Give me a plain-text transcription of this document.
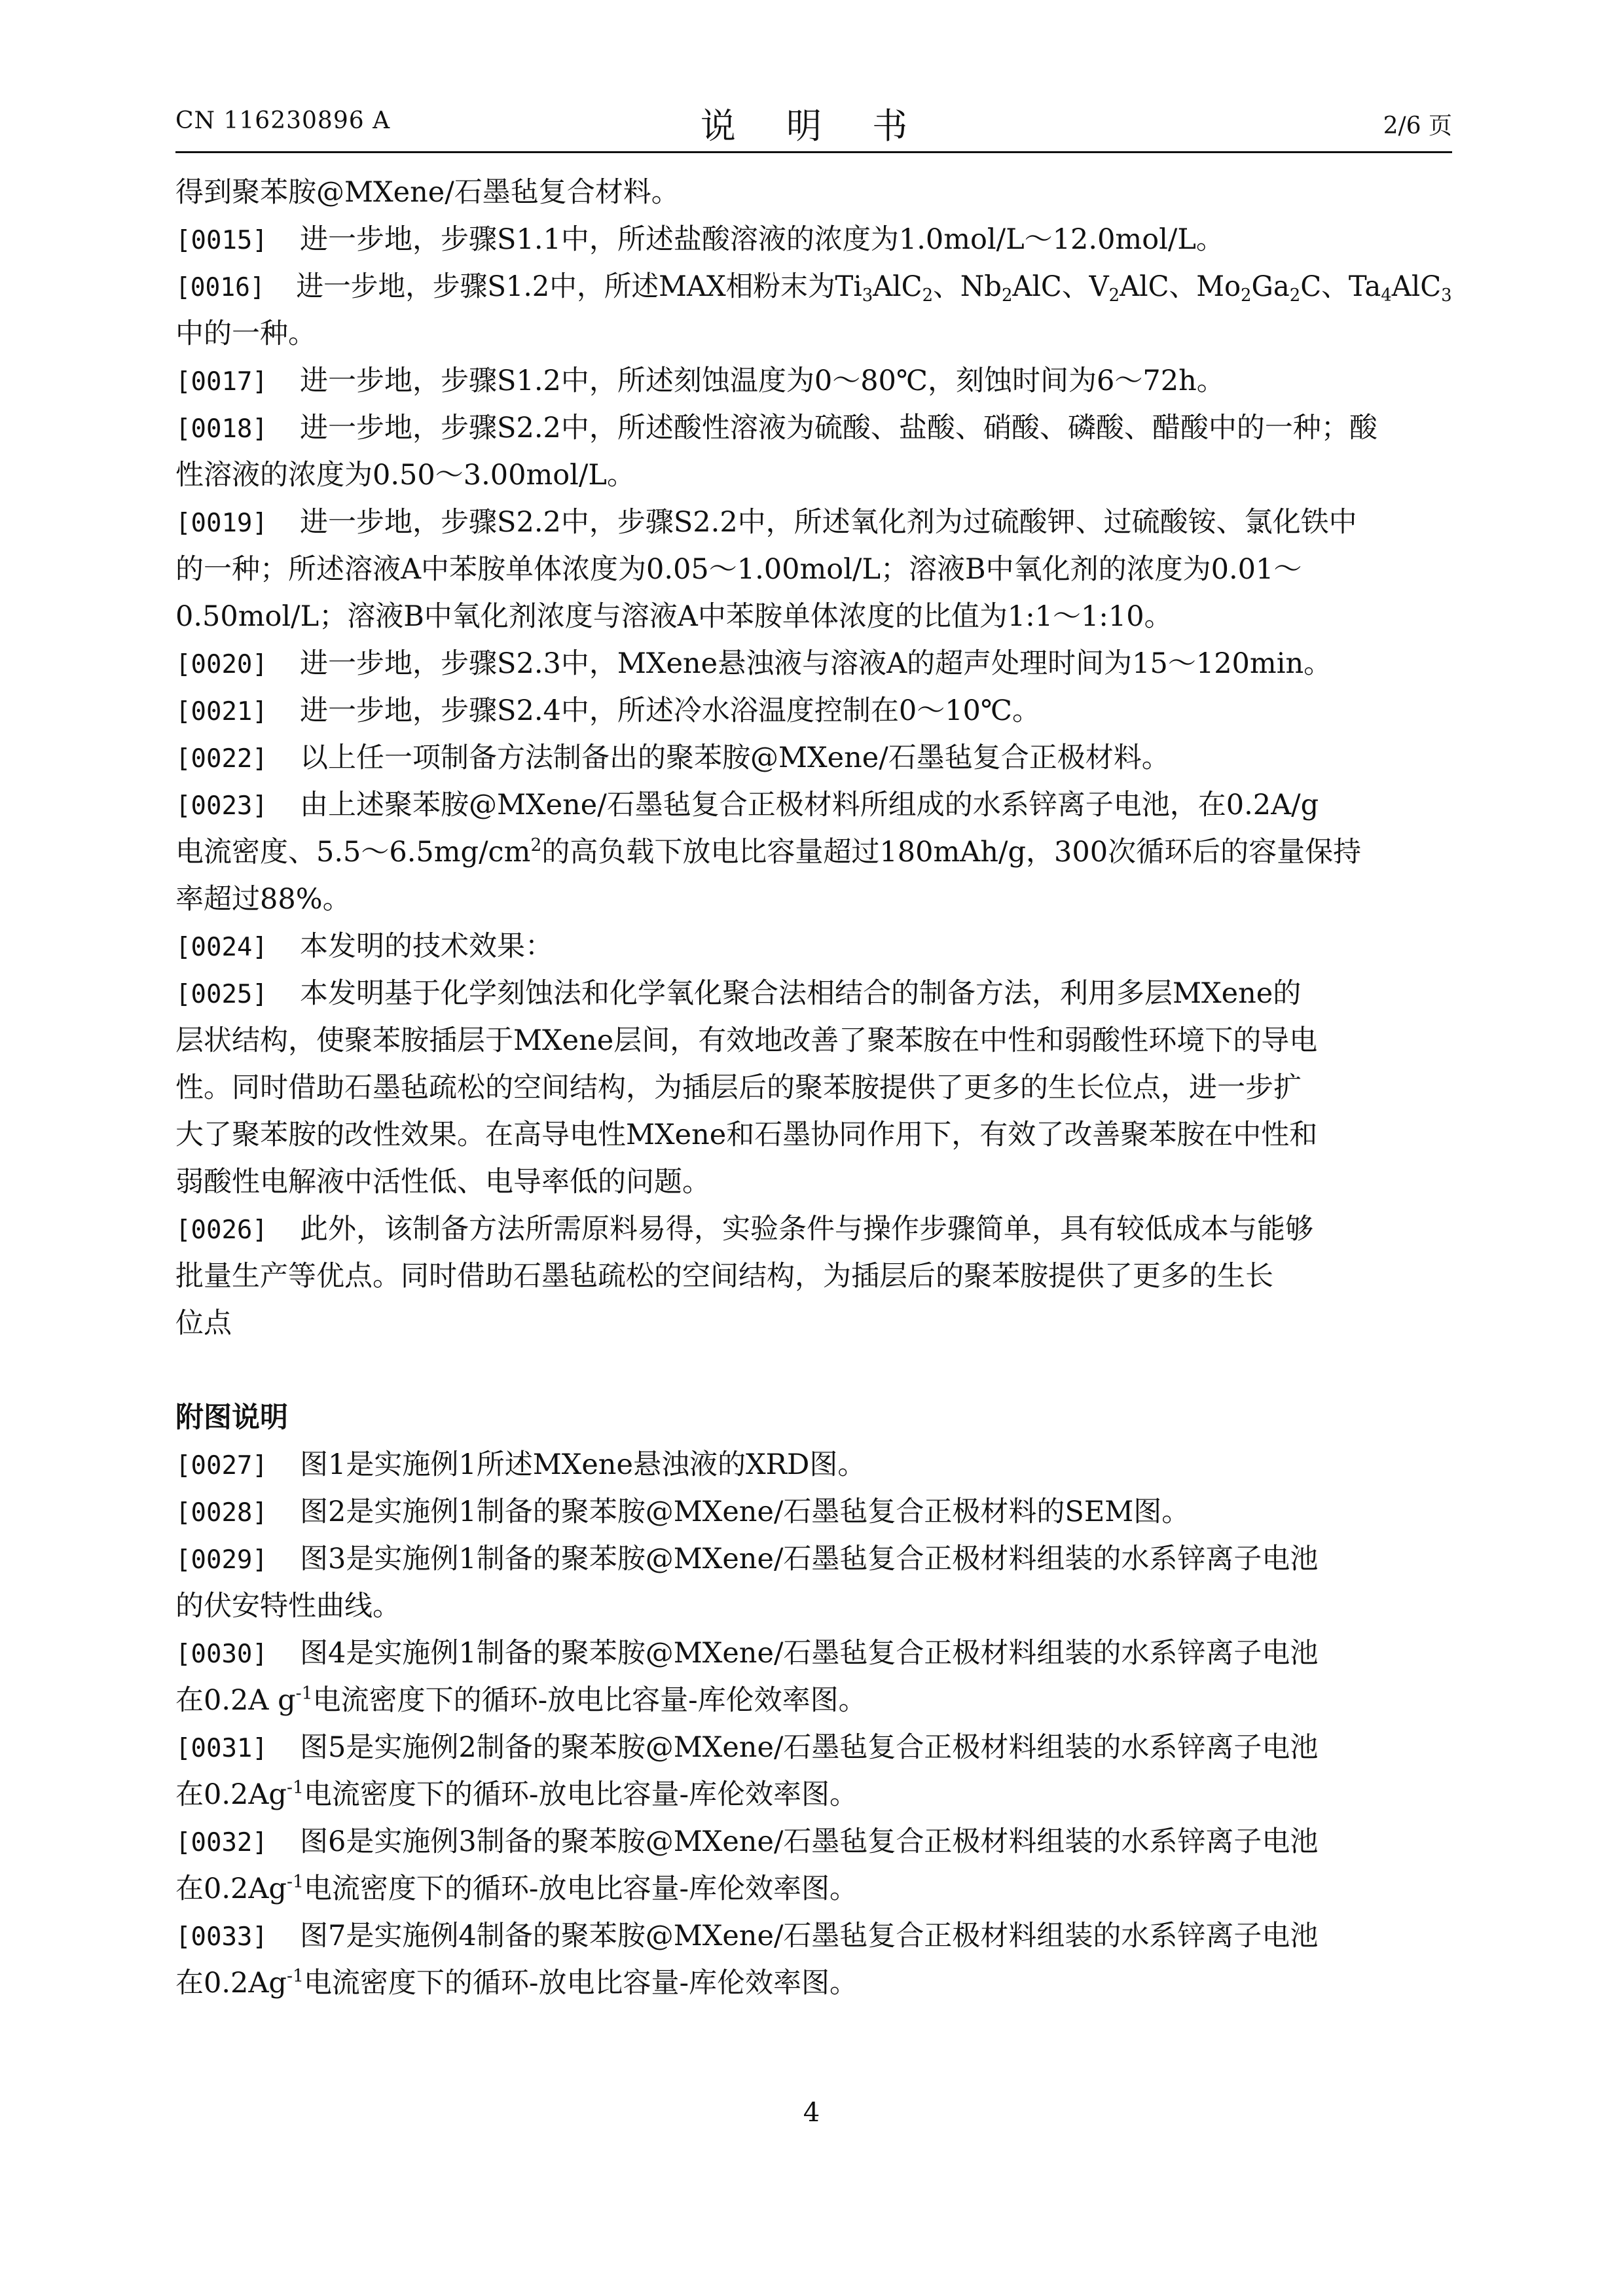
CN 116230896 A	说 明 书	2/6 页
得到聚苯胺@MXene/石墨毡复合材料。
[0015] 进一步地，步骤S1.1中，所述盐酸溶液的浓度为1.0mol/L～12.0mol/L。
[0016] 进一步地，步骤S1.2中，所述MAX相粉末为$Ti_3AlC_2$、$Nb_2AlC$、$V_2AlC$、$Mo_2Ga_2C$、$Ta_4AlC_3$
中的一种。
[0017] 进一步地，步骤S1.2中，所述刻蚀温度为0～80℃，刻蚀时间为6～72h。
[0018] 进一步地，步骤S2.2中，所述酸性溶液为硫酸、盐酸、硝酸、磷酸、醋酸中的一种；酸
性溶液的浓度为0.50～3.00mol/L。
[0019] 进一步地，步骤S2.2中，步骤S2.2中，所述氧化剂为过硫酸钾、过硫酸铵、氯化铁中
的一种；所述溶液A中苯胺单体浓度为0.05～1.00mol/L；溶液B中氧化剂的浓度为0.01～
0.50mol/L；溶液B中氧化剂浓度与溶液A中苯胺单体浓度的比值为1:1～1:10。
[0020] 进一步地，步骤S2.3中，MXene悬浊液与溶液A的超声处理时间为15～120min。
[0021] 进一步地，步骤S2.4中，所述冷水浴温度控制在0～10℃。
[0022] 以上任一项制备方法制备出的聚苯胺@MXene/石墨毡复合正极材料。
[0023] 由上述聚苯胺@MXene/石墨毡复合正极材料所组成的水系锌离子电池，在0.2A/g
电流密度、$5.5\sim 6.5mg/cm^2$的高负载下放电比容量超过180mAh/g，300次循环后的容量保持
率超过88%。
[0024] 本发明的技术效果：
[0025] 本发明基于化学刻蚀法和化学氧化聚合法相结合的制备方法，利用多层MXene的
层状结构，使聚苯胺插层于MXene层间，有效地改善了聚苯胺在中性和弱酸性环境下的导电
性。同时借助石墨毡疏松的空间结构，为插层后的聚苯胺提供了更多的生长位点，进一步扩
大了聚苯胺的改性效果。在高导电性MXene和石墨协同作用下，有效了改善聚苯胺在中性和
弱酸性电解液中活性低、电导率低的问题。
[0026] 此外，该制备方法所需原料易得，实验条件与操作步骤简单，具有较低成本与能够
批量生产等优点。同时借助石墨毡疏松的空间结构，为插层后的聚苯胺提供了更多的生长
位点
附图说明
[0027] 图1是实施例1所述MXene悬浊液的XRD图。
[0028] 图2是实施例1制备的聚苯胺@MXene/石墨毡复合正极材料的SEM图。
[0029] 图3是实施例1制备的聚苯胺@MXene/石墨毡复合正极材料组装的水系锌离子电池
的伏安特性曲线。
[0030] 图4是实施例1制备的聚苯胺@MXene/石墨毡复合正极材料组装的水系锌离子电池
在0.2A $g^{-1}$电流密度下的循环-放电比容量-库伦效率图。
[0031] 图5是实施例2制备的聚苯胺@MXene/石墨毡复合正极材料组装的水系锌离子电池
在$0.2Ag^{-1}$电流密度下的循环-放电比容量-库伦效率图。
[0032] 图6是实施例3制备的聚苯胺@MXene/石墨毡复合正极材料组装的水系锌离子电池
在$0.2Ag^{-1}$电流密度下的循环-放电比容量-库伦效率图。
[0033] 图7是实施例4制备的聚苯胺@MXene/石墨毡复合正极材料组装的水系锌离子电池
在$0.2Ag^{-1}$电流密度下的循环-放电比容量-库伦效率图。
4
